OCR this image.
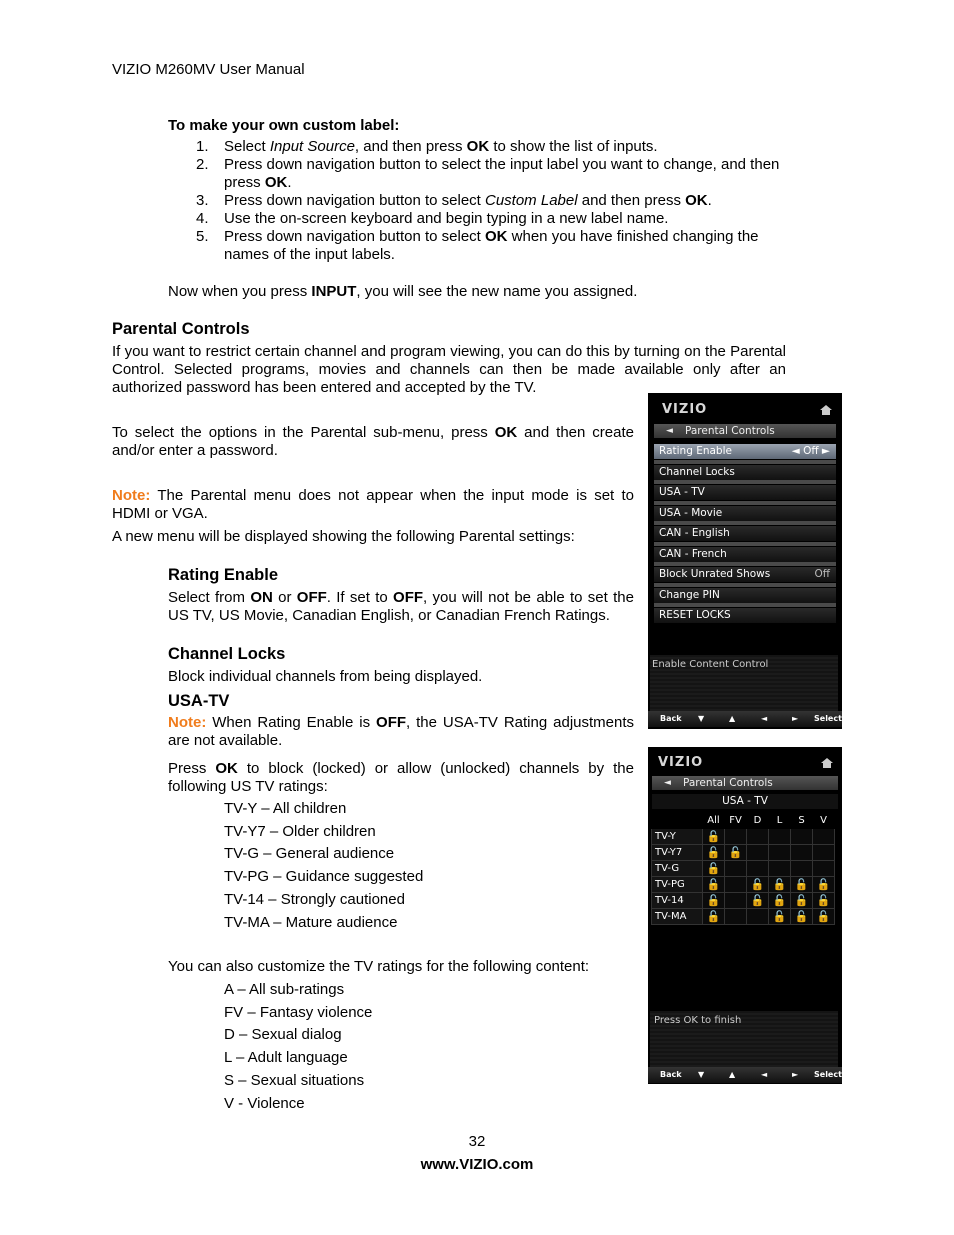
VIZIO M260MV User Manual
To make your own custom label:
1. Select Input Source, and then press OK to show the list of inputs.
2. Press down navigation button to select the input label you want to change, and then press OK.
3. Press down navigation button to select Custom Label and then press OK.
4. Use the on-screen keyboard and begin typing in a new label name.
5. Press down navigation button to select OK when you have finished changing the names of the input labels.
Now when you press INPUT, you will see the new name you assigned.
Parental Controls
If you want to restrict certain channel and program viewing, you can do this by turning on the Parental Control. Selected programs, movies and channels can then be made available only after an authorized password has been entered and accepted by the TV.
To select the options in the Parental sub-menu, press OK and then create and/or enter a password.
Note: The Parental menu does not appear when the input mode is set to HDMI or VGA.
A new menu will be displayed showing the following Parental settings:
Rating Enable
Select from ON or OFF. If set to OFF, you will not be able to set the US TV, US Movie, Canadian English, or Canadian French Ratings.
Channel Locks
Block individual channels from being displayed.
USA-TV
Note: When Rating Enable is OFF, the USA-TV Rating adjustments are not available.
Press OK to block (locked) or allow (unlocked) channels by the following US TV ratings:
TV-Y – All children
TV-Y7 – Older children
TV-G – General audience
TV-PG – Guidance suggested
TV-14 – Strongly cautioned
TV-MA – Mature audience
You can also customize the TV ratings for the following content:
A – All sub-ratings
FV – Fantasy violence
D – Sexual dialog
L – Adult language
S – Sexual situations
V - Violence
32
www.VIZIO.com
VIZIO
◄ Parental Controls
Rating Enable	◄ Off ►
Channel Locks
USA - TV
USA - Movie
CAN - English
CAN - French
Block Unrated Shows	Off
Change PIN
RESET LOCKS
Enable Content Control
Back ▼	▲	◄	► Select
VIZIO
◄ Parental Controls
USA - TV
	All	FV	D	L	S	V
TV-Y	🔓					
TV-Y7	🔓	🔓				
TV-G	🔓					
TV-PG	🔓		🔓	🔓	🔓	🔓
TV-14	🔓		🔓	🔓	🔓	🔓
TV-MA	🔓			🔓	🔓	🔓
Press OK to finish
Back ▼	▲	◄	► Select
